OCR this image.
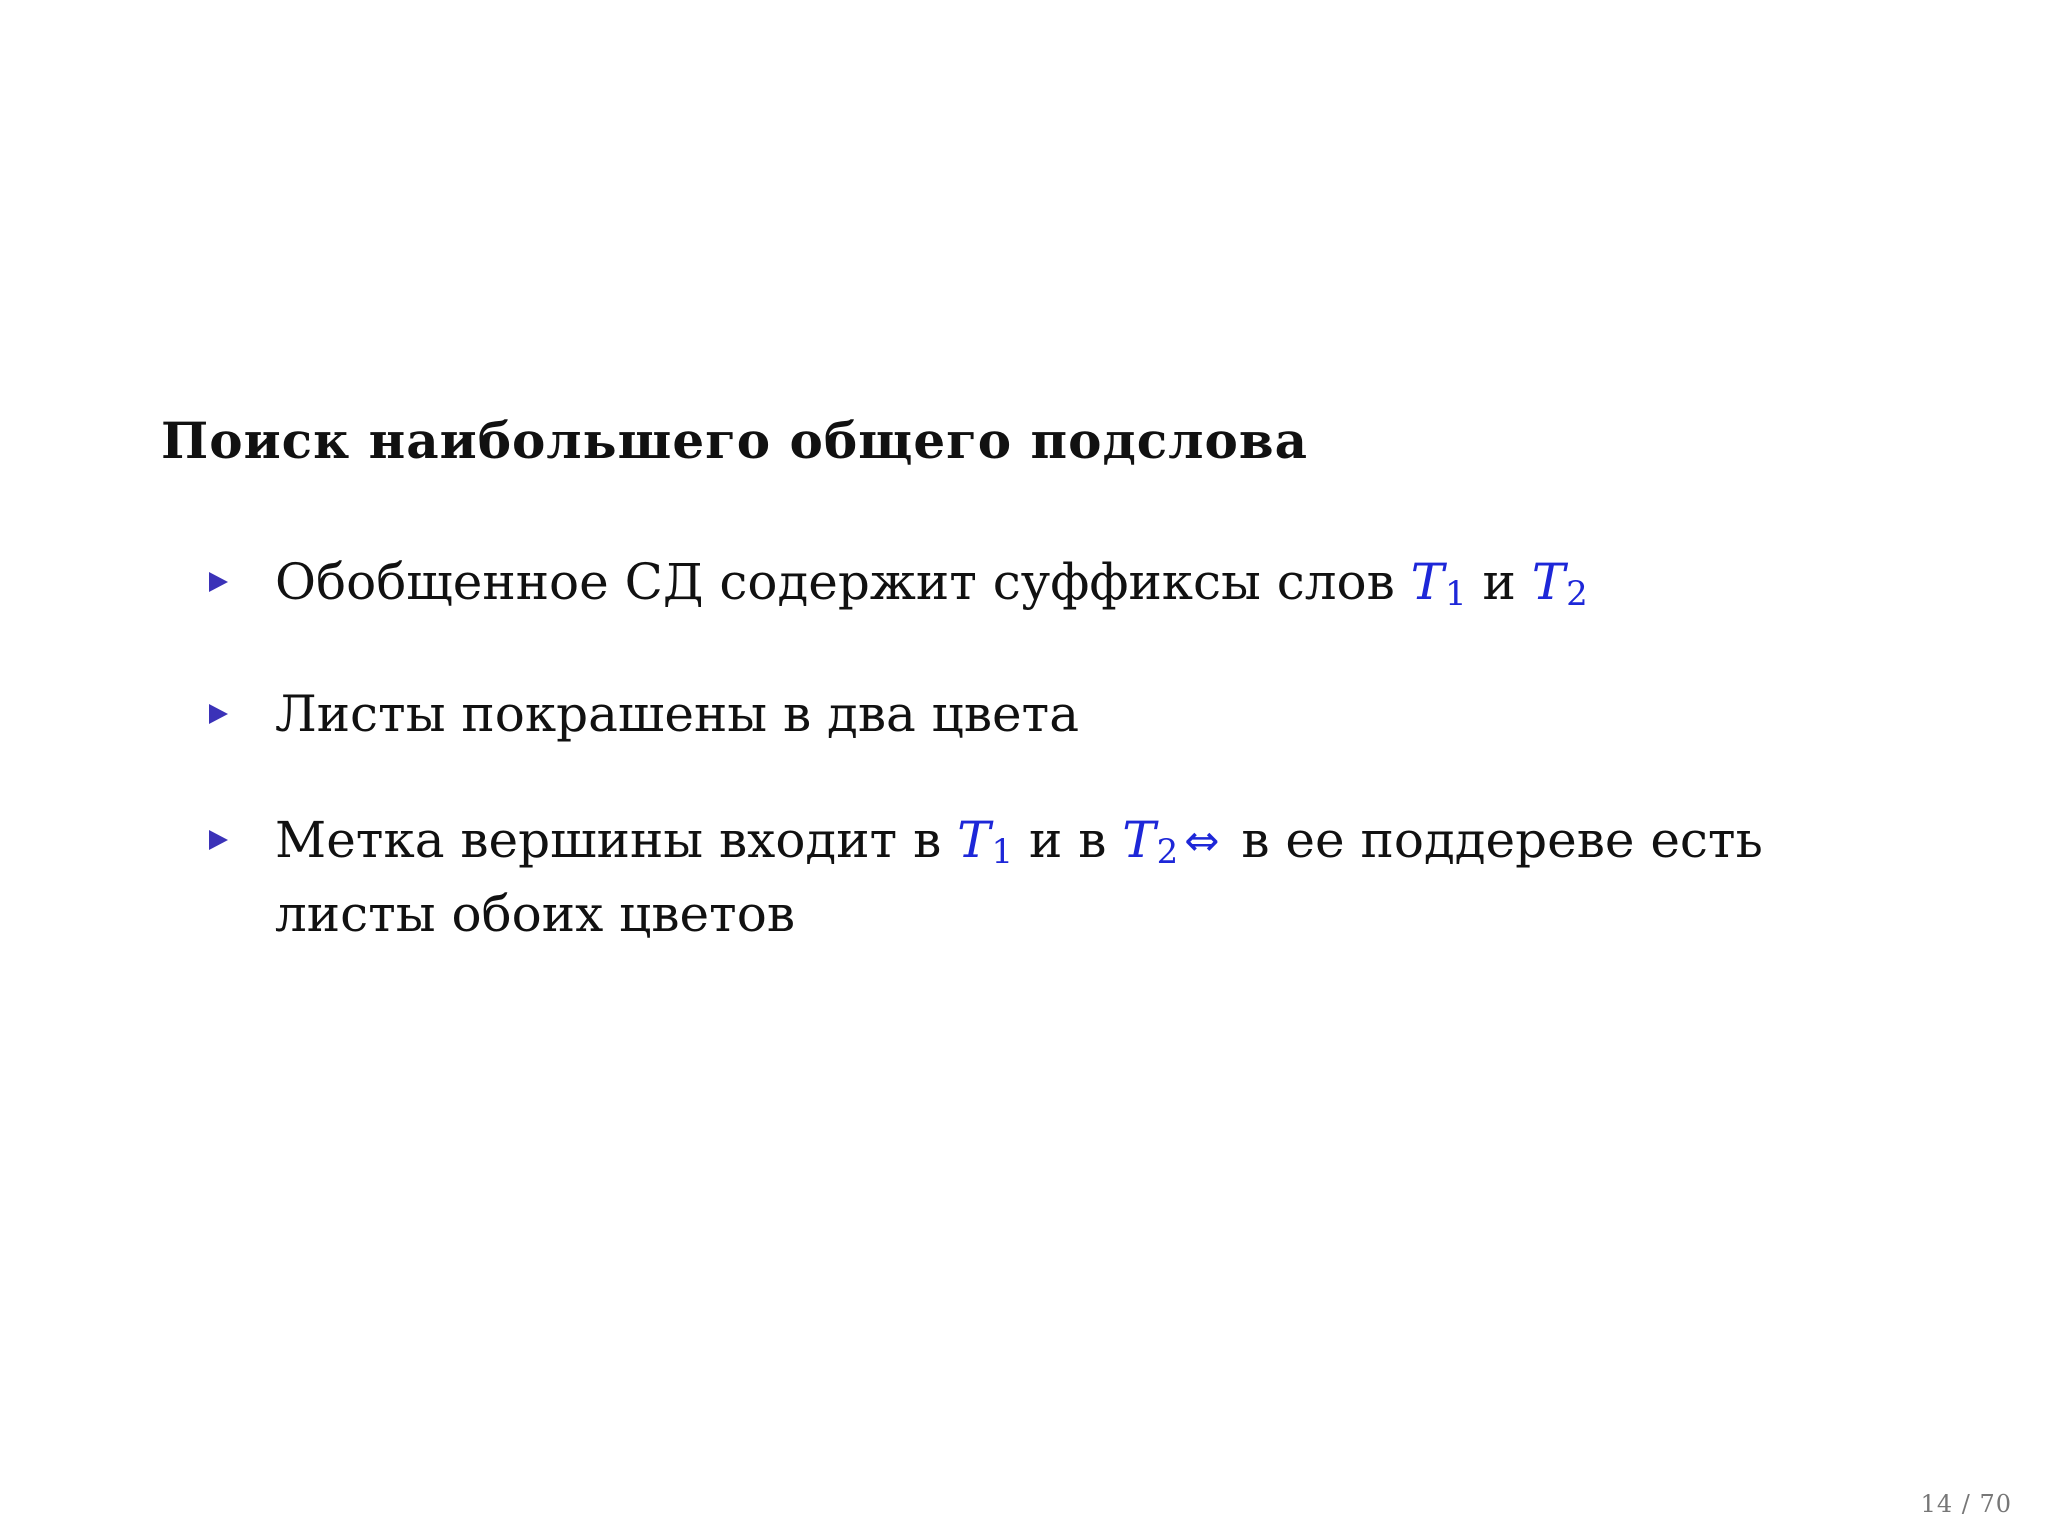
Поиск наибольшего общего подслова
Обобщенное СД содержит суффиксы слов $T_1$ и $T_2$
Листы покрашены в два цвета
Метка вершины входит в $T_1$ и в $T_2$ ⇔ в ее поддереве есть листы обоих цветов
14 / 70
